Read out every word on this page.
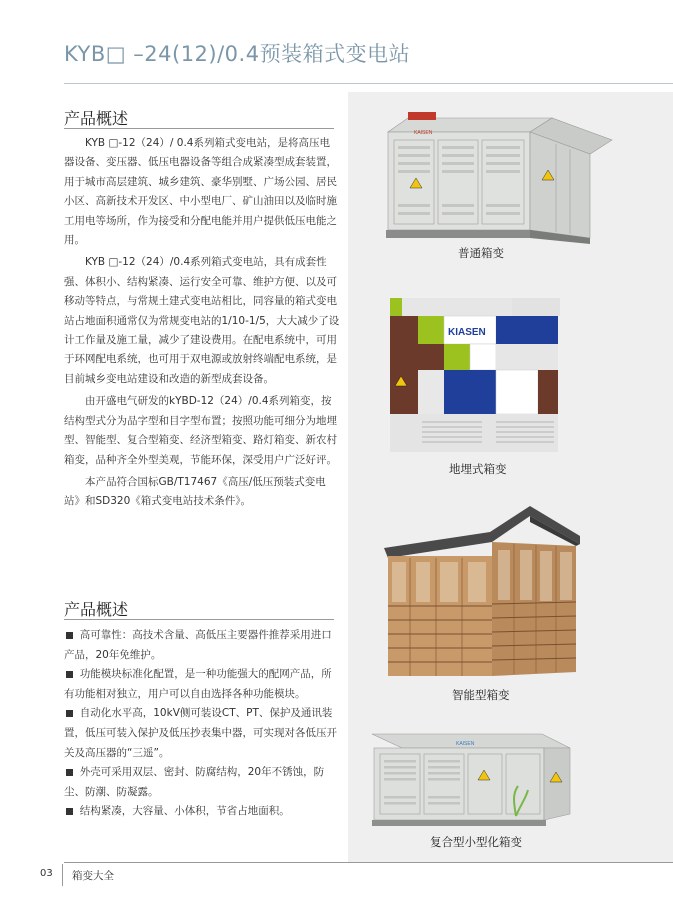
KYB□ –24(12)/0.4预装箱式变电站
产品概述

KYB □-12（24）/ 0.4系列箱式变电站，是将高压电器设备、变压器、低压电器设备等组合成紧凑型成套装置，用于城市高层建筑、城乡建筑、豪华别墅、广场公园、居民小区、高新技术开发区、中小型电厂、矿山油田以及临时施工用电等场所，作为接受和分配电能并用户提供低压电能之用。

KYB □-12（24）/0.4系列箱式变电站，具有成套性强、体积小、结构紧凑、运行安全可靠、维护方便、以及可移动等特点，与常规土建式变电站相比，同容量的箱式变电站占地面积通常仅为常规变电站的1/10-1/5，大大减少了设计工作量及施工量，减少了建设费用。在配电系统中，可用于环网配电系统，也可用于双电源或放射终端配电系统，是目前城乡变电站建设和改造的新型成套设备。

由开盛电气研发的kYBD-12（24）/0.4系列箱变，按结构型式分为品字型和目字型布置；按照功能可细分为地埋型、智能型、复合型箱变、经济型箱变、路灯箱变、新农村箱变，品种齐全外型美观，节能环保，深受用户广泛好评。

本产品符合国标GB/T17467《高压/低压预装式变电站》和SD320《箱式变电站技术条件》。

产品概述

高可靠性：高技术含量、高低压主要器件推荐采用进口产品，20年免维护。

功能模块标准化配置，是一种功能强大的配网产品，所有功能相对独立，用户可以自由选择各种功能模块。

自动化水平高，10kV侧可装设CT、PT、保护及通讯装置，低压可装入保护及低压抄表集中器，可实现对各低压开关及高压器的“三遥”。

外壳可采用双层、密封、防腐结构，20年不锈蚀，防尘、防潮、防凝露。

结构紧凑，大容量、小体积，节省占地面积。

KAISEN
普通箱变
KIASEN
地埋式箱变
智能型箱变
KAISEN
复合型小型化箱变
03 箱变大全
